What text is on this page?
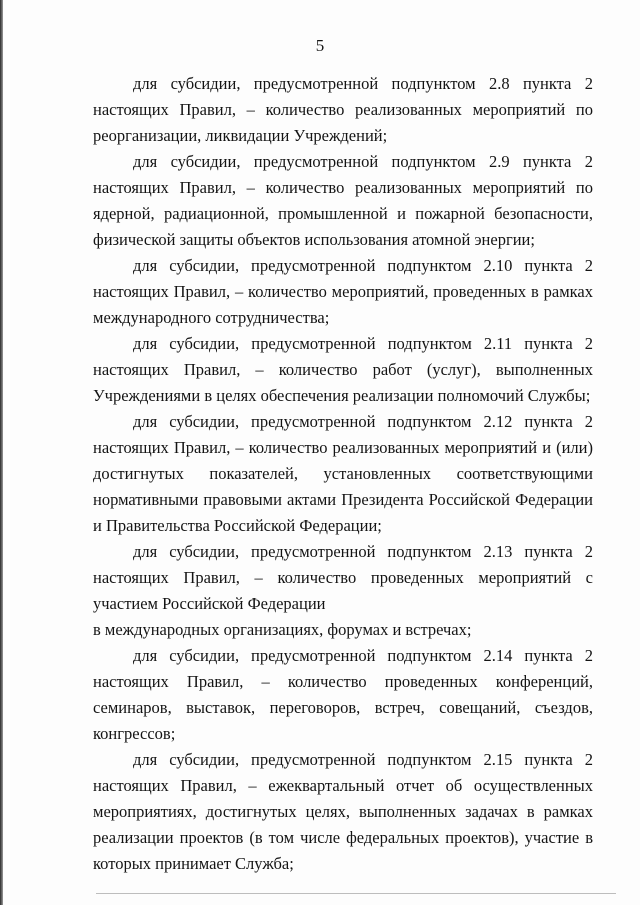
5

для субсидии, предусмотренной подпунктом 2.8 пункта 2 настоящих Правил, – количество реализованных мероприятий по реорганизации, ликвидации Учреждений;

для субсидии, предусмотренной подпунктом 2.9 пункта 2 настоящих Правил, – количество реализованных мероприятий по ядерной, радиационной, промышленной и пожарной безопасности, физической защиты объектов использования атомной энергии;

для субсидии, предусмотренной подпунктом 2.10 пункта 2 настоящих Правил, – количество мероприятий, проведенных в рамках международного сотрудничества;

для субсидии, предусмотренной подпунктом 2.11 пункта 2 настоящих Правил, – количество работ (услуг), выполненных Учреждениями в целях обеспечения реализации полномочий Службы;

для субсидии, предусмотренной подпунктом 2.12 пункта 2 настоящих Правил, – количество реализованных мероприятий и (или) достигнутых показателей, установленных соответствующими нормативными правовыми актами Президента Российской Федерации и Правительства Российской Федерации;

для субсидии, предусмотренной подпунктом 2.13 пункта 2 настоящих Правил, – количество проведенных мероприятий с участием Российской Федерации

в международных организациях, форумах и встречах;

для субсидии, предусмотренной подпунктом 2.14 пункта 2 настоящих Правил, – количество проведенных конференций, семинаров, выставок, переговоров, встреч, совещаний, съездов, конгрессов;

для субсидии, предусмотренной подпунктом 2.15 пункта 2 настоящих Правил, – ежеквартальный отчет об осуществленных мероприятиях, достигнутых целях, выполненных задачах в рамках реализации проектов (в том числе федеральных проектов), участие в которых принимает Служба;
